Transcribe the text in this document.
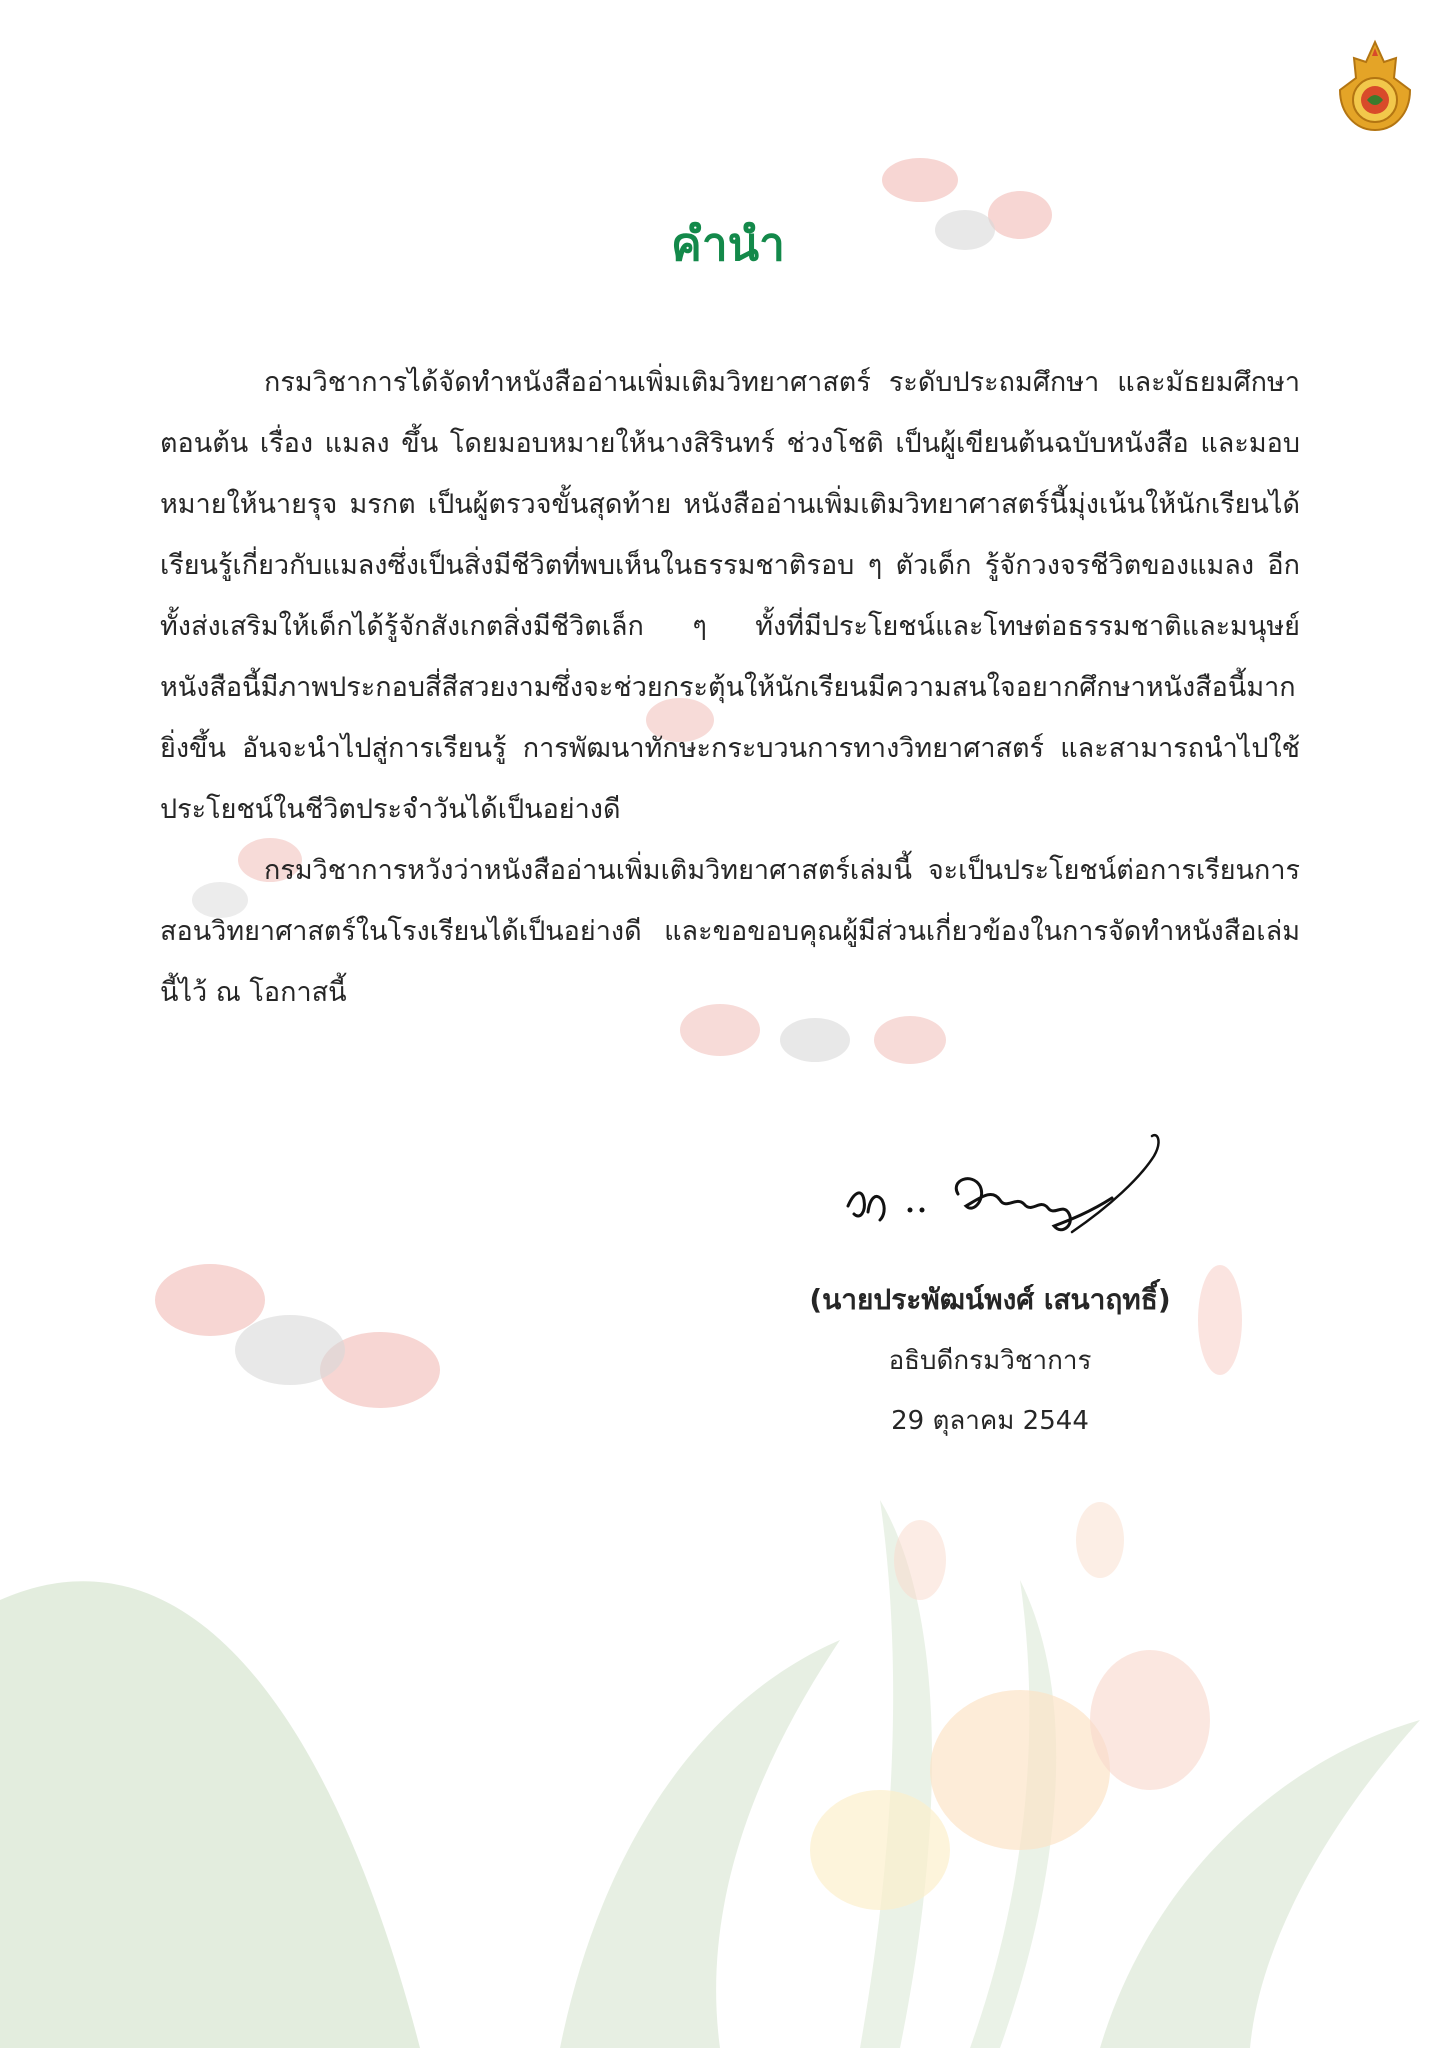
คำนำ

กรมวิชาการได้จัดทำหนังสืออ่านเพิ่มเติมวิทยาศาสตร์ ระดับประถมศึกษา และมัธยมศึกษาตอนต้น เรื่อง แมลง ขึ้น โดยมอบหมายให้นางสิรินทร์ ช่วงโชติ เป็นผู้เขียนต้นฉบับหนังสือ และมอบหมายให้นายรุจ มรกต เป็นผู้ตรวจขั้นสุดท้าย หนังสืออ่านเพิ่มเติมวิทยาศาสตร์นี้มุ่งเน้นให้นักเรียนได้เรียนรู้เกี่ยวกับแมลงซึ่งเป็นสิ่งมีชีวิตที่พบเห็นในธรรมชาติรอบ ๆ ตัวเด็ก รู้จักวงจรชีวิตของแมลง อีกทั้งส่งเสริมให้เด็กได้รู้จักสังเกตสิ่งมีชีวิตเล็ก ๆ ทั้งที่มีประโยชน์และโทษต่อธรรมชาติและมนุษย์ หนังสือนี้มีภาพประกอบสี่สีสวยงามซึ่งจะช่วยกระตุ้นให้นักเรียนมีความสนใจอยากศึกษาหนังสือนี้มากยิ่งขึ้น อันจะนำไปสู่การเรียนรู้ การพัฒนาทักษะกระบวนการทางวิทยาศาสตร์ และสามารถนำไปใช้ประโยชน์ในชีวิตประจำวันได้เป็นอย่างดี

กรมวิชาการหวังว่าหนังสืออ่านเพิ่มเติมวิทยาศาสตร์เล่มนี้ จะเป็นประโยชน์ต่อการเรียนการสอนวิทยาศาสตร์ในโรงเรียนได้เป็นอย่างดี และขอขอบคุณผู้มีส่วนเกี่ยวข้องในการจัดทำหนังสือเล่มนี้ไว้ ณ โอกาสนี้

(นายประพัฒน์พงศ์ เสนาฤทธิ์)
อธิบดีกรมวิชาการ
29 ตุลาคม 2544
